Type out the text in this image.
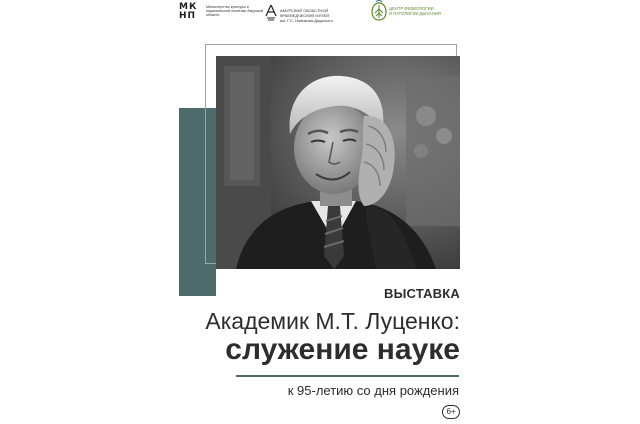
МК
НП
Министерство культуры и национальной политики Амурской области
АМУРСКИЙ ОБЛАСТНОЙ
КРАЕВЕДЧЕСКИЙ МУЗЕЙ
им. Г.С. Новикова-Даурского
ЦЕНТР ФИЗИОЛОГИИ
И ПАТОЛОГИИ ДЫХАНИЯ
ВЫСТАВКА
Академик М.Т. Луценко:
служение науке
к 95-летию со дня рождения
6+
